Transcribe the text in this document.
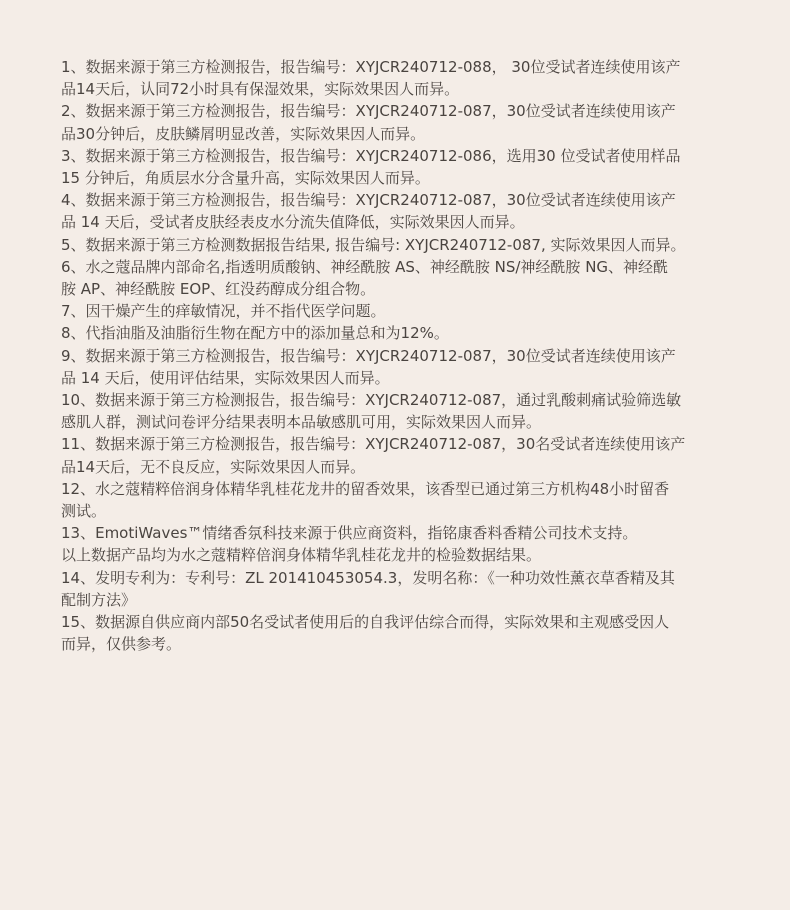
1、数据来源于第三方检测报告，报告编号：XYJCR240712-088， 30位受试者连续使用该产
品14天后，认同72小时具有保湿效果，实际效果因人而异。
2、数据来源于第三方检测报告，报告编号：XYJCR240712-087，30位受试者连续使用该产
品30分钟后，皮肤鳞屑明显改善，实际效果因人而异。
3、数据来源于第三方检测报告，报告编号：XYJCR240712-086，选用30 位受试者使用样品
15 分钟后，角质层水分含量升高，实际效果因人而异。
4、数据来源于第三方检测报告，报告编号：XYJCR240712-087，30位受试者连续使用该产
品 14 天后，受试者皮肤经表皮水分流失值降低，实际效果因人而异。
5、数据来源于第三方检测数据报告结果, 报告编号: XYJCR240712-087, 实际效果因人而异。
6、水之蔻品牌内部命名,指透明质酸钠、神经酰胺 AS、神经酰胺 NS/神经酰胺 NG、神经酰
胺 AP、神经酰胺 EOP、红没药醇成分组合物。
7、因干燥产生的痒敏情况，并不指代医学问题。
8、代指油脂及油脂衍生物在配方中的添加量总和为12%。
9、数据来源于第三方检测报告，报告编号：XYJCR240712-087，30位受试者连续使用该产
品 14 天后，使用评估结果，实际效果因人而异。
10、数据来源于第三方检测报告，报告编号：XYJCR240712-087，通过乳酸刺痛试验筛选敏
感肌人群，测试问卷评分结果表明本品敏感肌可用，实际效果因人而异。
11、数据来源于第三方检测报告，报告编号：XYJCR240712-087，30名受试者连续使用该产
品14天后，无不良反应，实际效果因人而异。
12、水之蔻精粹倍润身体精华乳桂花龙井的留香效果，该香型已通过第三方机构48小时留香
测试。
13、EmotiWaves™情绪香氛科技来源于供应商资料，指铭康香料香精公司技术支持。
以上数据产品均为水之蔻精粹倍润身体精华乳桂花龙井的检验数据结果。
14、发明专利为：专利号：ZL 201410453054.3，发明名称：《一种功效性薰衣草香精及其
配制方法》
15、数据源自供应商内部50名受试者使用后的自我评估综合而得，实际效果和主观感受因人
而异，仅供参考。
